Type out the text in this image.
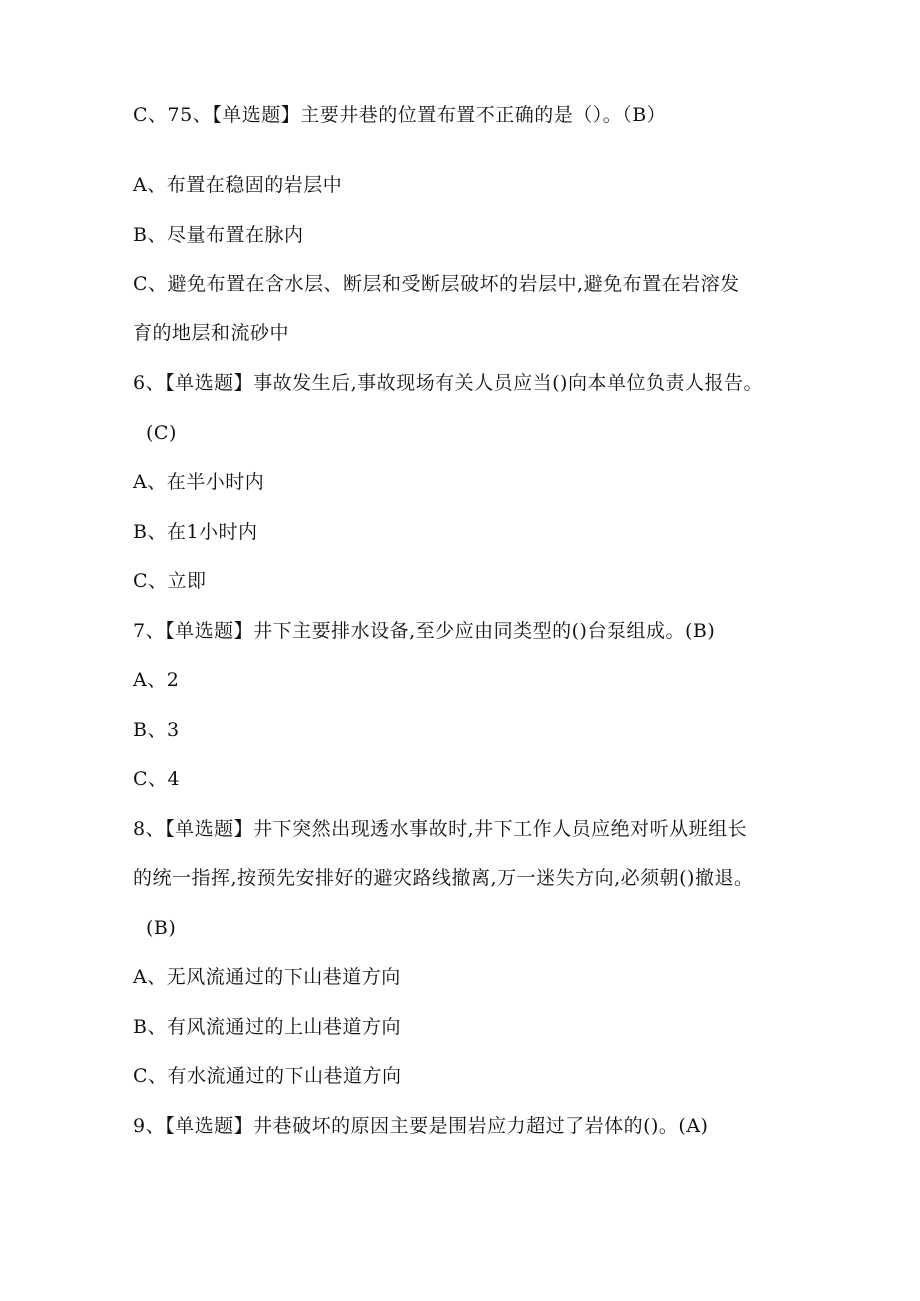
C、75、【单选题】主要井巷的位置布置不正确的是（）。（B）
A、布置在稳固的岩层中
B、尽量布置在脉内
C、避免布置在含水层、断层和受断层破坏的岩层中,避免布置在岩溶发
育的地层和流砂中
6、【单选题】事故发生后,事故现场有关人员应当()向本单位负责人报告。
(C)
A、在半小时内
B、在1小时内
C、立即
7、【单选题】井下主要排水设备,至少应由同类型的()台泵组成。(B)
A、2
B、3
C、4
8、【单选题】井下突然出现透水事故时,井下工作人员应绝对听从班组长
的统一指挥,按预先安排好的避灾路线撤离,万一迷失方向,必须朝()撤退。
(B)
A、无风流通过的下山巷道方向
B、有风流通过的上山巷道方向
C、有水流通过的下山巷道方向
9、【单选题】井巷破坏的原因主要是围岩应力超过了岩体的()。(A)
